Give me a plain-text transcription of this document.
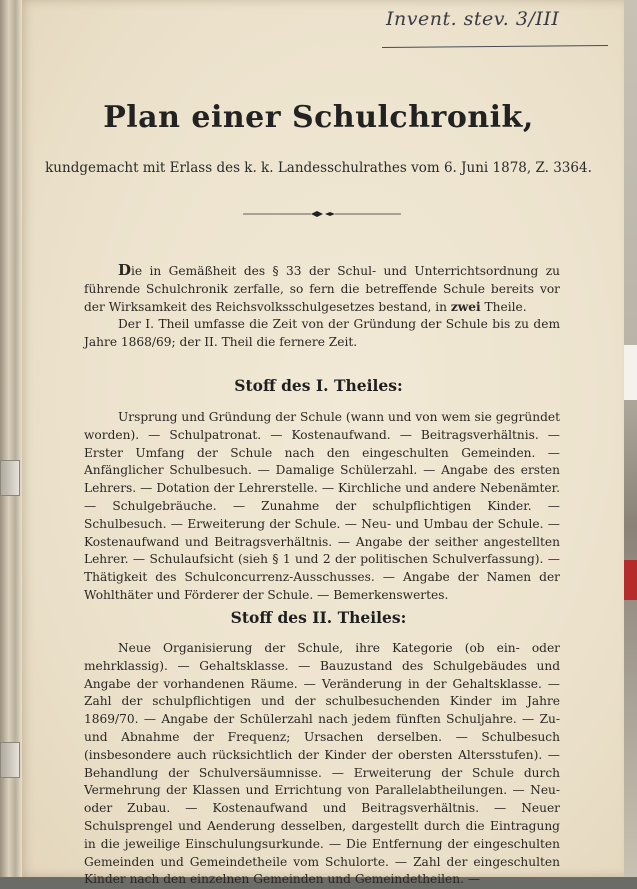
Invent. stev. 3/III
Plan einer Schulchronik,
kundgemacht mit Erlass des k. k. Landesschulrathes vom 6. Juni 1878, Z. 3364.

Die in Gemäßheit des § 33 der Schul- und Unterrichtsordnung zu führende Schulchronik zerfalle, so fern die betreffende Schule bereits vor der Wirksamkeit des Reichsvolksschulgesetzes bestand, in zwei Theile.

Der I. Theil umfasse die Zeit von der Gründung der Schule bis zu dem Jahre 1868/69; der II. Theil die fernere Zeit.

Stoff des I. Theiles:

Ursprung und Gründung der Schule (wann und von wem sie gegründet worden). — Schulpatronat. — Kostenaufwand. — Beitragsverhältnis. — Erster Umfang der Schule nach den eingeschulten Gemeinden. — Anfänglicher Schulbesuch. — Damalige Schülerzahl. — Angabe des ersten Lehrers. — Dotation der Lehrerstelle. — Kirchliche und andere Nebenämter. — Schulgebräuche. — Zunahme der schulpflichtigen Kinder. — Schulbesuch. — Erweiterung der Schule. — Neu- und Umbau der Schule. — Kostenaufwand und Beitragsverhältnis. — Angabe der seither angestellten Lehrer. — Schulaufsicht (sieh § 1 und 2 der politischen Schulverfassung). — Thätigkeit des Schulconcurrenz-Ausschusses. — Angabe der Namen der Wohlthäter und Förderer der Schule. — Bemerkenswertes.

Stoff des II. Theiles:

Neue Organisierung der Schule, ihre Kategorie (ob ein- oder mehrklassig). — Gehaltsklasse. — Bauzustand des Schulgebäudes und Angabe der vorhandenen Räume. — Veränderung in der Gehaltsklasse. — Zahl der schulpflichtigen und der schulbesuchenden Kinder im Jahre 1869/70. — Angabe der Schülerzahl nach jedem fünften Schuljahre. — Zu- und Abnahme der Frequenz; Ursachen derselben. — Schulbesuch (insbesondere auch rücksichtlich der Kinder der obersten Altersstufen). — Behandlung der Schulversäumnisse. — Erweiterung der Schule durch Vermehrung der Klassen und Errichtung von Parallelabtheilungen. — Neu- oder Zubau. — Kostenaufwand und Beitragsverhältnis. — Neuer Schulsprengel und Aenderung desselben, dargestellt durch die Eintragung in die jeweilige Einschulungsurkunde. — Die Entfernung der eingeschulten Gemeinden und Gemeindetheile vom Schulorte. — Zahl der eingeschulten Kinder nach den einzelnen Gemeinden und Gemeindetheilen. —
